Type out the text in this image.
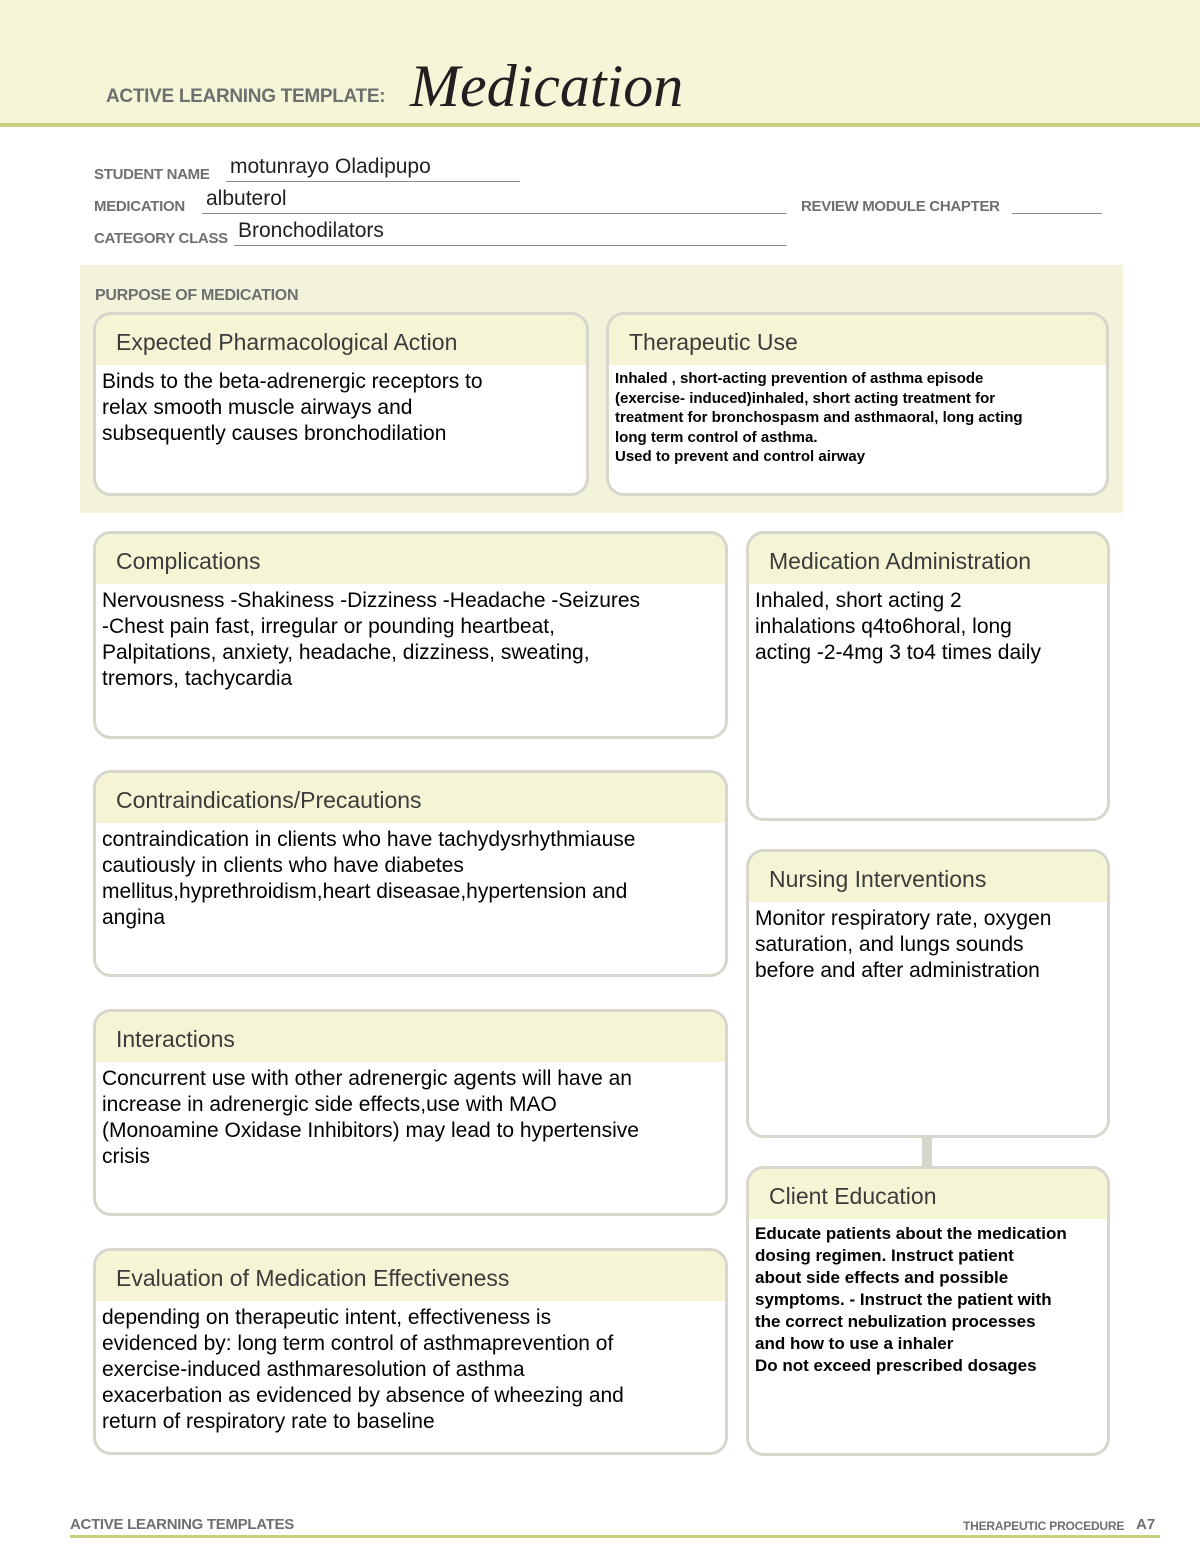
ACTIVE LEARNING TEMPLATE: Medication
STUDENT NAME motunrayo Oladipupo
MEDICATION albuterol	REVIEW MODULE CHAPTER
CATEGORY CLASS Bronchodilators
PURPOSE OF MEDICATION
Expected Pharmacological Action
Binds to the beta-adrenergic receptors to
relax smooth muscle airways and
subsequently causes bronchodilation
Therapeutic Use
Inhaled , short-acting prevention of asthma episode
(exercise- induced)inhaled, short acting treatment for
treatment for bronchospasm and asthmaoral, long acting
long term control of asthma.
Used to prevent and control airway
Complications
Nervousness -Shakiness -Dizziness -Headache -Seizures
-Chest pain fast, irregular or pounding heartbeat,
Palpitations, anxiety, headache, dizziness, sweating,
tremors, tachycardia
Contraindications/Precautions
contraindication in clients who have tachydysrhythmiause
cautiously in clients who have diabetes
mellitus,hyprethroidism,heart diseasae,hypertension and
angina
Interactions
Concurrent use with other adrenergic agents will have an
increase in adrenergic side effects,use with MAO
(Monoamine Oxidase Inhibitors) may lead to hypertensive
crisis
Evaluation of Medication Effectiveness
depending on therapeutic intent, effectiveness is
evidenced by: long term control of asthmaprevention of
exercise-induced asthmaresolution of asthma
exacerbation as evidenced by absence of wheezing and
return of respiratory rate to baseline
Medication Administration
Inhaled, short acting 2
inhalations q4to6horal, long
acting -2-4mg 3 to4 times daily
Nursing Interventions
Monitor respiratory rate, oxygen
saturation, and lungs sounds
before and after administration
Client Education
Educate patients about the medication
dosing regimen. Instruct patient
about side effects and possible
symptoms. - Instruct the patient with
the correct nebulization processes
and how to use a inhaler
Do not exceed prescribed dosages
ACTIVE LEARNING TEMPLATES	THERAPEUTIC PROCEDURE A7
